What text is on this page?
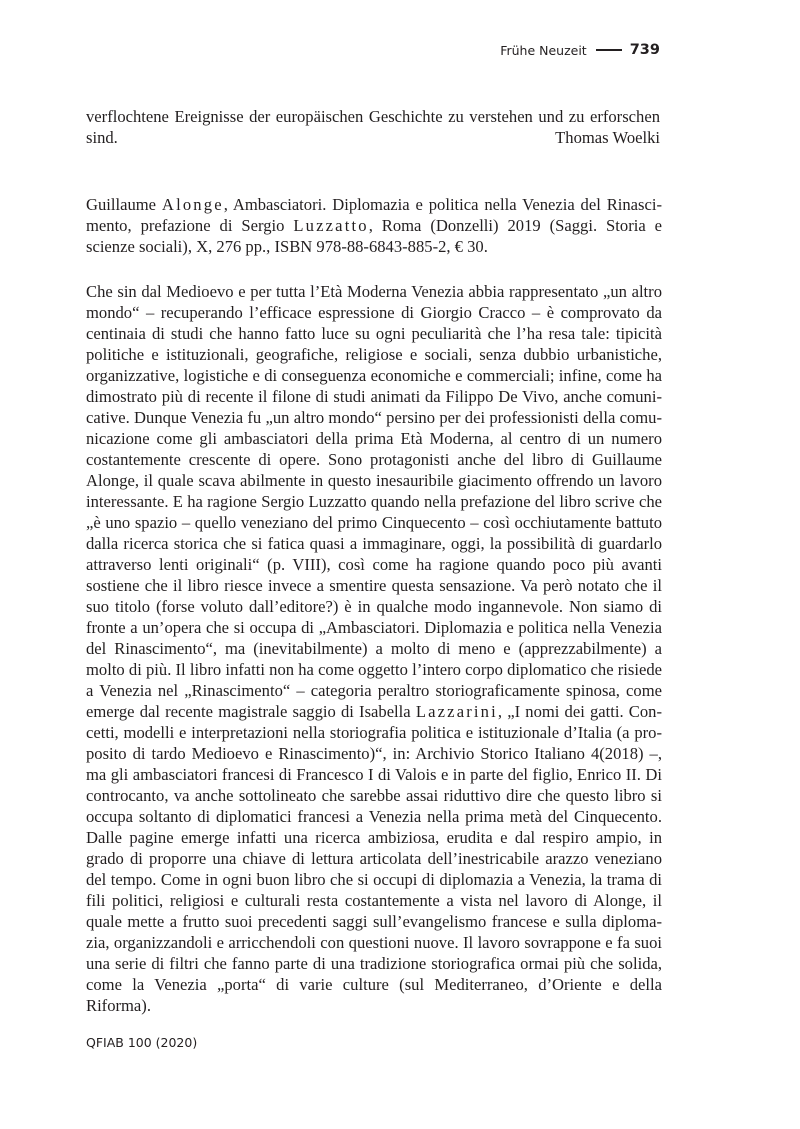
Frühe Neuzeit	739
verflochtene Ereignisse der europäischen Geschichte zu verstehen und zu erforschen
sind.	Thomas Woelki

Guillaume Alonge, Ambasciatori. Diplomazia e politica nella Venezia del Rinascimento, prefazione di Sergio Luzzatto, Roma (Donzelli) 2019 (Saggi. Storia e scienze sociali), X, 276 pp., ISBN 978-88-6843-885-2, € 30.

Che sin dal Medioevo e per tutta l’Età Moderna Venezia abbia rappresentato „un altro mondo“ – recuperando l’efficace espressione di Giorgio Cracco – è comprovato da centinaia di studi che hanno fatto luce su ogni peculiarità che l’ha resa tale: tipicità politiche e istituzionali, geografiche, religiose e sociali, senza dubbio urbanistiche, organizzative, logistiche e di conseguenza economiche e commerciali; infine, come ha dimostrato più di recente il filone di studi animati da Filippo De Vivo, anche comunicative. Dunque Venezia fu „un altro mondo“ persino per dei professionisti della comunicazione come gli ambasciatori della prima Età Moderna, al centro di un numero costantemente crescente di opere. Sono protagonisti anche del libro di Guillaume Alonge, il quale scava abilmente in questo inesauribile giacimento offrendo un lavoro interessante. E ha ragione Sergio Luzzatto quando nella prefazione del libro scrive che „è uno spazio – quello veneziano del primo Cinquecento – così occhiutamente battuto dalla ricerca storica che si fatica quasi a immaginare, oggi, la possibilità di guardarlo attraverso lenti originali“ (p. VIII), così come ha ragione quando poco più avanti sostiene che il libro riesce invece a smentire questa sensazione. Va però notato che il suo titolo (forse voluto dall’editore?) è in qualche modo ingannevole. Non siamo di fronte a un’opera che si occupa di „Ambasciatori. Diplomazia e politica nella Venezia del Rinascimento“, ma (inevitabilmente) a molto di meno e (apprezzabilmente) a molto di più. Il libro infatti non ha come oggetto l’intero corpo diplomatico che risiede a Venezia nel „Rinascimento“ – categoria peraltro storiograficamente spinosa, come emerge dal recente magistrale saggio di Isabella Lazzarini, „I nomi dei gatti. Concetti, modelli e interpretazioni nella storiografia politica e istituzionale d’Italia (a proposito di tardo Medioevo e Rinascimento)“, in: Archivio Storico Italiano 4(2018) –, ma gli ambasciatori francesi di Francesco I di Valois e in parte del figlio, Enrico II. Di controcanto, va anche sottolineato che sarebbe assai riduttivo dire che questo libro si occupa soltanto di diplomatici francesi a Venezia nella prima metà del Cinquecento. Dalle pagine emerge infatti una ricerca ambiziosa, erudita e dal respiro ampio, in grado di proporre una chiave di lettura articolata dell’inestricabile arazzo veneziano del tempo. Come in ogni buon libro che si occupi di diplomazia a Venezia, la trama di fili politici, religiosi e culturali resta costantemente a vista nel lavoro di Alonge, il quale mette a frutto suoi precedenti saggi sull’evangelismo francese e sulla diplomazia, organizzandoli e arricchendoli con questioni nuove. Il lavoro sovrappone e fa suoi una serie di filtri che fanno parte di una tradizione storiografica ormai più che solida, come la Venezia „porta“ di varie culture (sul Mediterraneo, d’Oriente e della Riforma).

QFIAB 100 (2020)
